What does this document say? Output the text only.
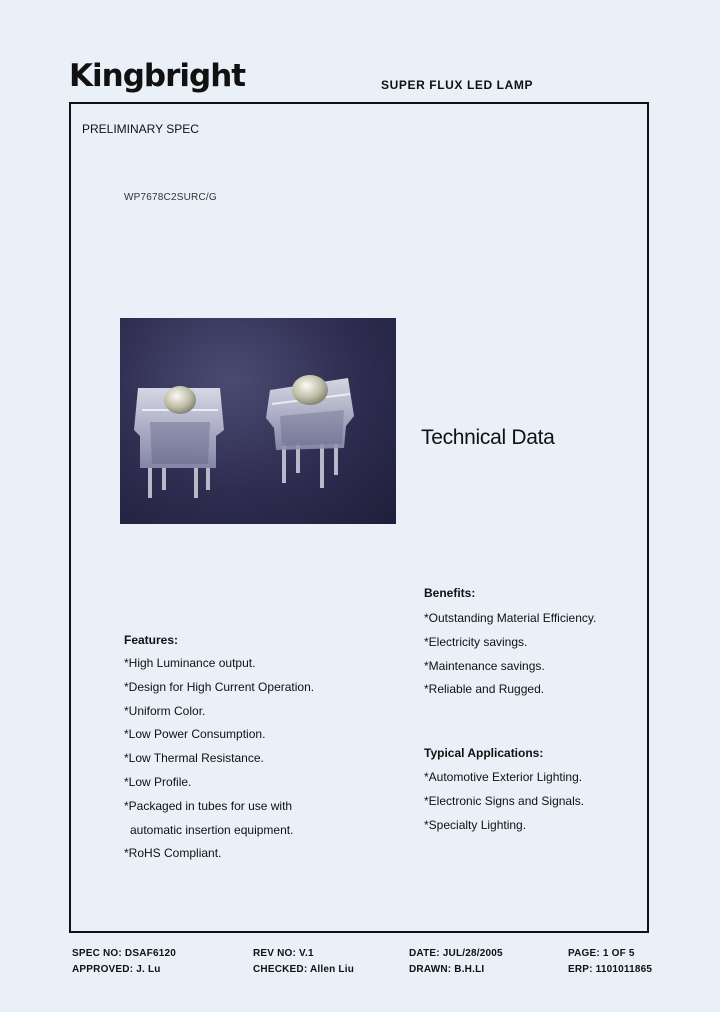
Kingbright	SUPER FLUX LED LAMP
PRELIMINARY SPEC
WP7678C2SURC/G
Technical Data
Benefits:
*Outstanding Material Efficiency.
*Electricity savings.
*Maintenance savings.
*Reliable and Rugged.
Features:
*High Luminance output.
*Design for High Current Operation.
*Uniform Color.
*Low Power Consumption.
*Low Thermal Resistance.
*Low Profile.
*Packaged in tubes for use with
automatic insertion equipment.
*RoHS Compliant.
Typical Applications:
*Automotive Exterior Lighting.
*Electronic Signs and Signals.
*Specialty Lighting.
SPEC NO: DSAF6120	REV NO: V.1	DATE: JUL/28/2005	PAGE: 1 OF 5
APPROVED: J. Lu	CHECKED: Allen Liu	DRAWN: B.H.LI	ERP: 1101011865
